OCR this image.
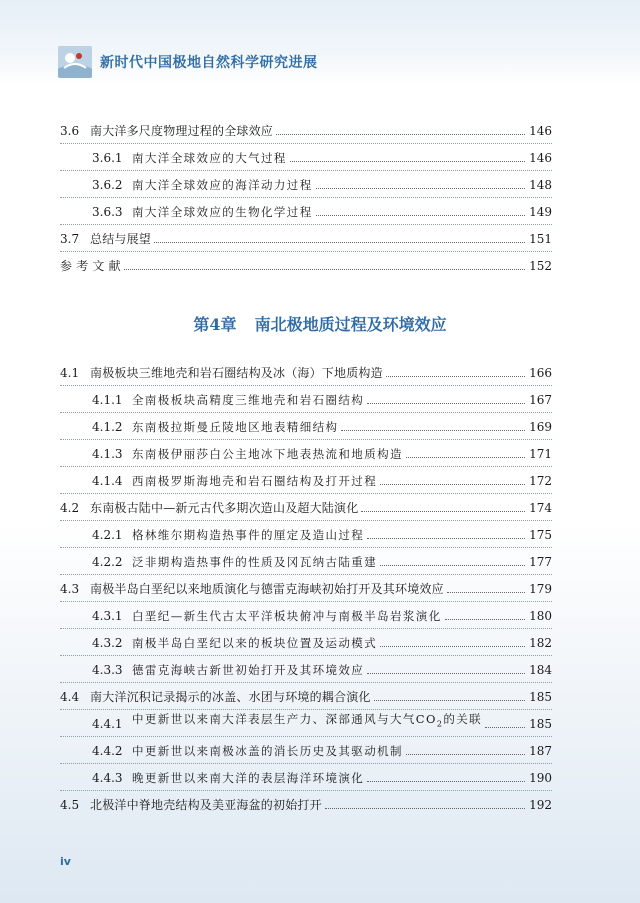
新时代中国极地自然科学研究进展
3.6 南大洋多尺度物理过程的全球效应	146
3.6.1 南大洋全球效应的大气过程	146
3.6.2 南大洋全球效应的海洋动力过程	148
3.6.3 南大洋全球效应的生物化学过程	149
3.7 总结与展望	151
参 考 文 献	152
第4章 南北极地质过程及环境效应
4.1 南极板块三维地壳和岩石圈结构及冰（海）下地质构造	166
4.1.1 全南极板块高精度三维地壳和岩石圈结构	167
4.1.2 东南极拉斯曼丘陵地区地表精细结构	169
4.1.3 东南极伊丽莎白公主地冰下地表热流和地质构造	171
4.1.4 西南极罗斯海地壳和岩石圈结构及打开过程	172
4.2 东南极古陆中—新元古代多期次造山及超大陆演化	174
4.2.1 格林维尔期构造热事件的厘定及造山过程	175
4.2.2 泛非期构造热事件的性质及冈瓦纳古陆重建	177
4.3 南极半岛白垩纪以来地质演化与德雷克海峡初始打开及其环境效应	179
4.3.1 白垩纪—新生代古太平洋板块俯冲与南极半岛岩浆演化	180
4.3.2 南极半岛白垩纪以来的板块位置及运动模式	182
4.3.3 德雷克海峡古新世初始打开及其环境效应	184
4.4 南大洋沉积记录揭示的冰盖、水团与环境的耦合演化	185
4.4.1 中更新世以来南大洋表层生产力、深部通风与大气$CO_2$的关联	185
4.4.2 中更新世以来南极冰盖的消长历史及其驱动机制	187
4.4.3 晚更新世以来南大洋的表层海洋环境演化	190
4.5 北极洋中脊地壳结构及美亚海盆的初始打开	192
iv
